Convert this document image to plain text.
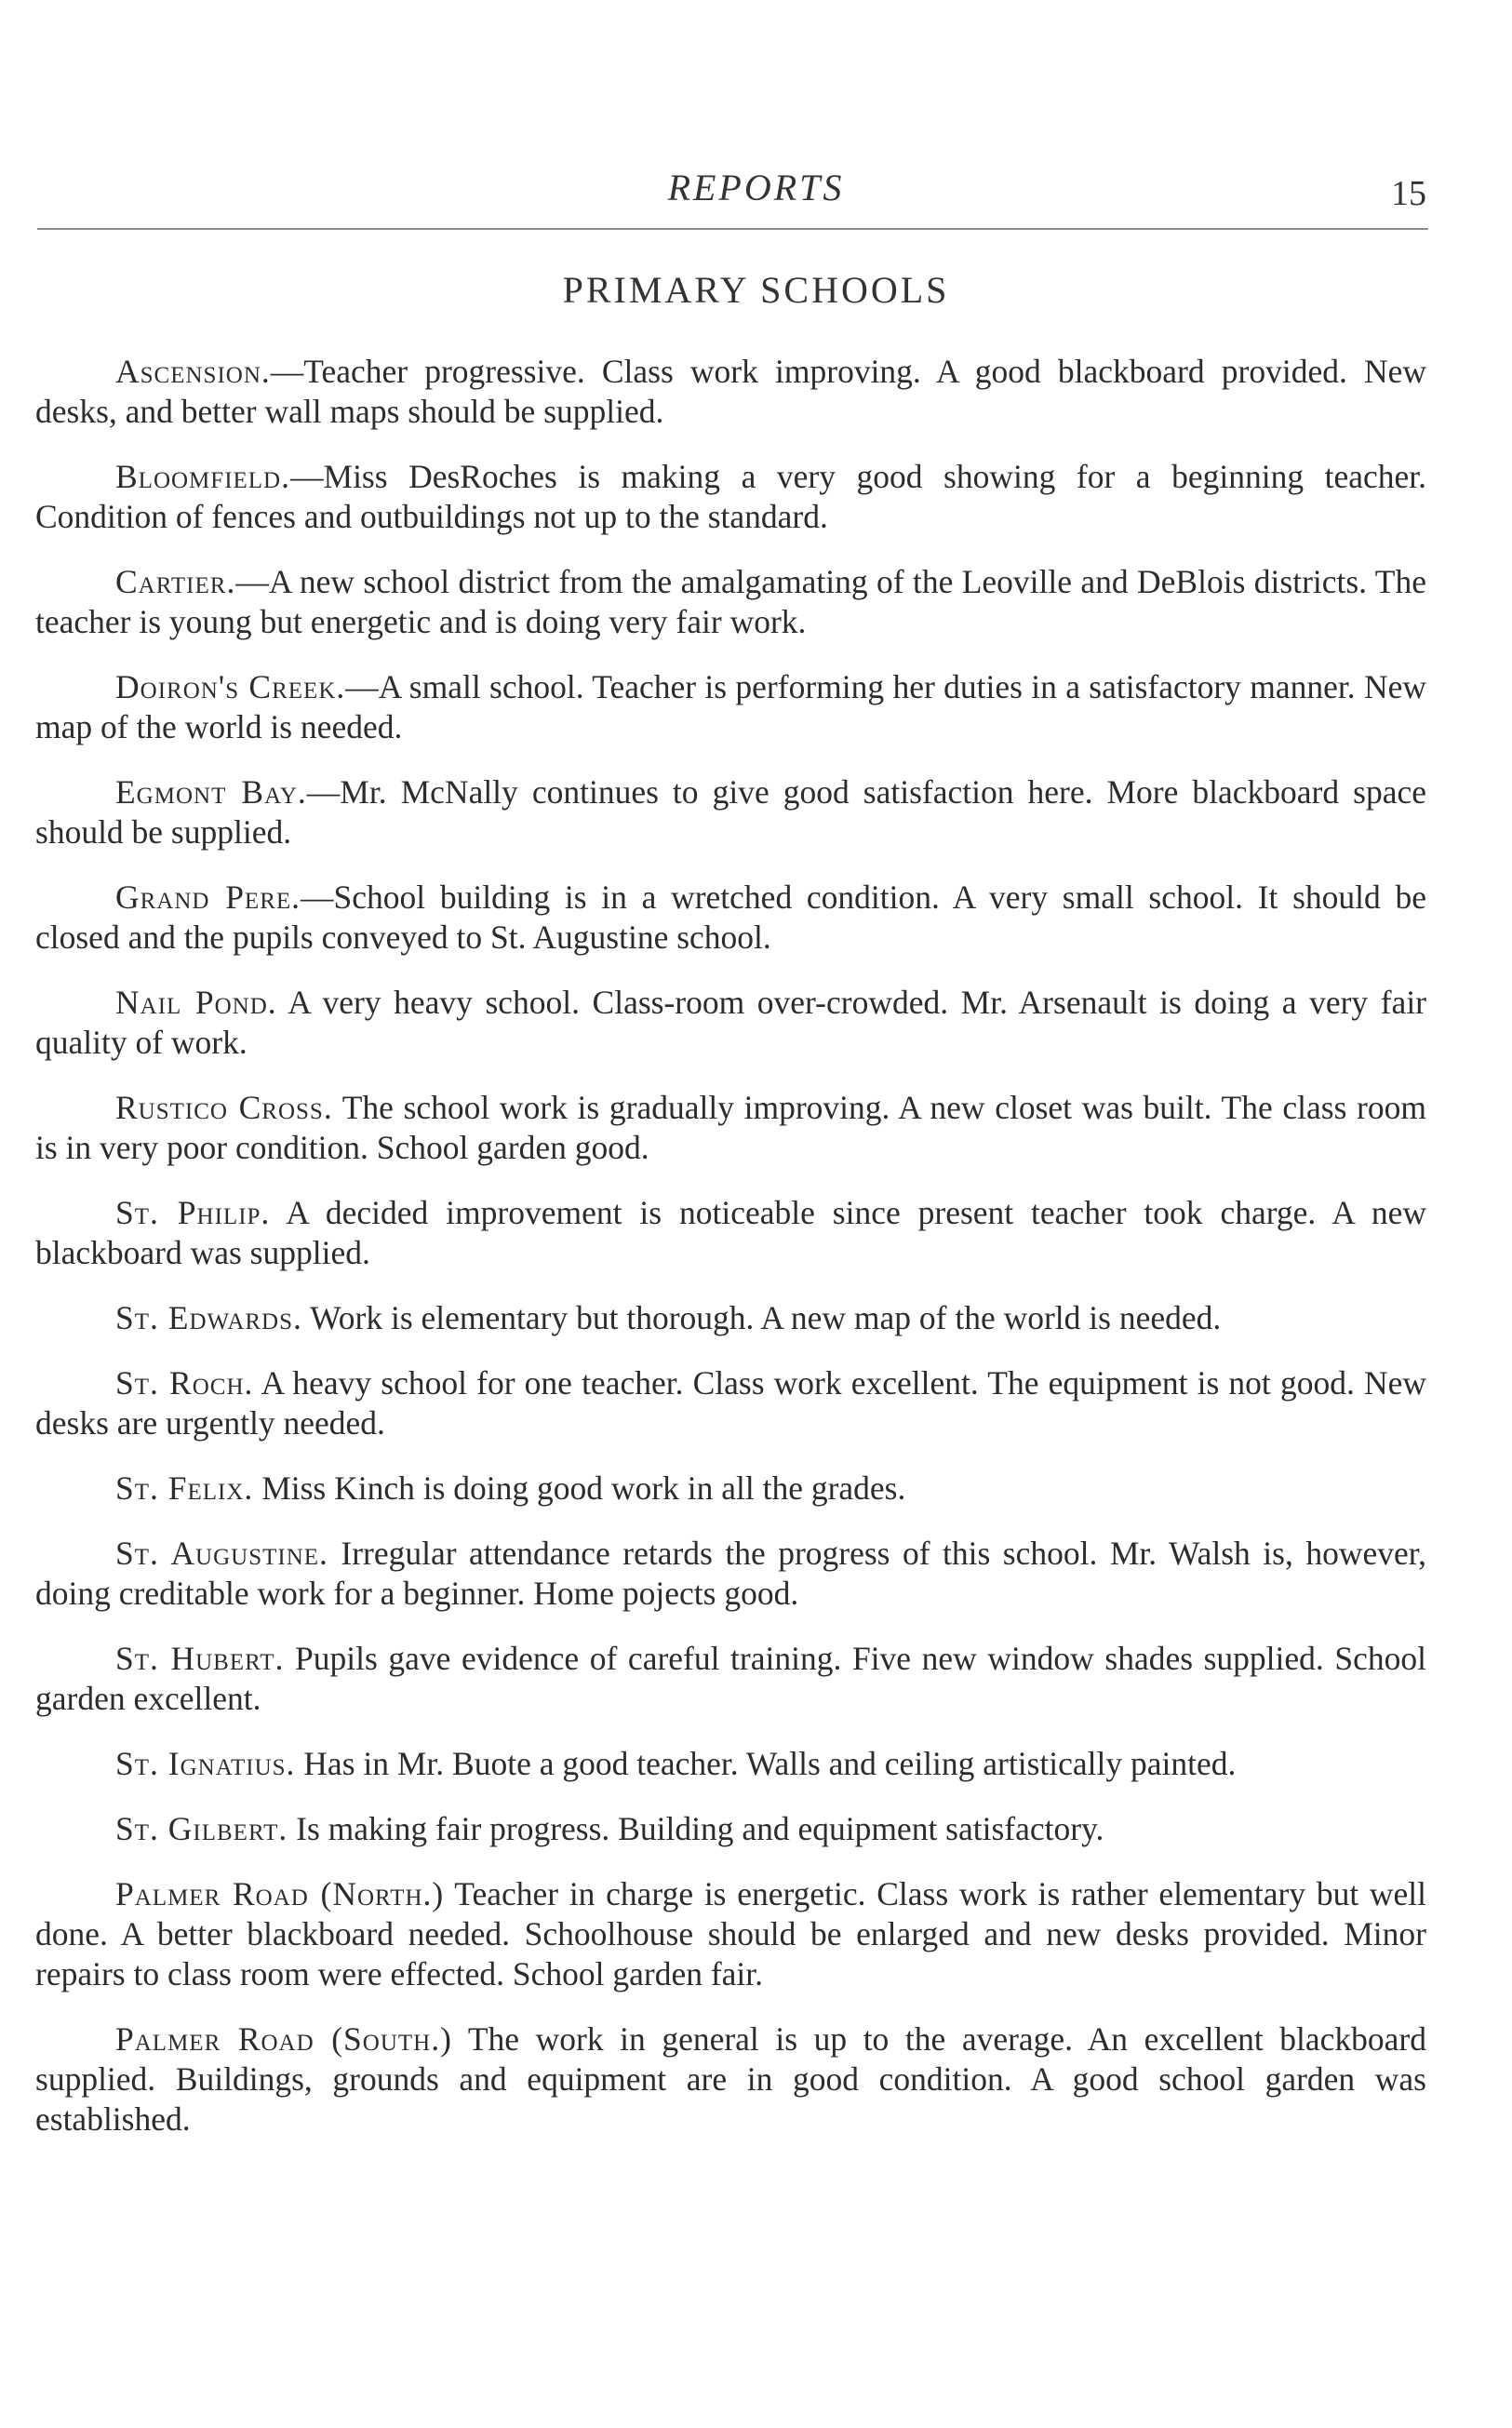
REPORTS	15
PRIMARY SCHOOLS

Ascension.—Teacher progressive. Class work improving. A good blackboard provided. New desks, and better wall maps should be supplied.

Bloomfield.—Miss DesRoches is making a very good showing for a beginning teacher. Condition of fences and outbuildings not up to the standard.

Cartier.—A new school district from the amalgamating of the Leoville and DeBlois districts. The teacher is young but energetic and is doing very fair work.

Doiron's Creek.—A small school. Teacher is performing her duties in a satisfactory manner. New map of the world is needed.

Egmont Bay.—Mr. McNally continues to give good satisfaction here. More blackboard space should be supplied.

Grand Pere.—School building is in a wretched condition. A very small school. It should be closed and the pupils conveyed to St. Augustine school.

Nail Pond. A very heavy school. Class-room over-crowded. Mr. Arsenault is doing a very fair quality of work.

Rustico Cross. The school work is gradually improving. A new closet was built. The class room is in very poor condition. School garden good.

St. Philip. A decided improvement is noticeable since present teacher took charge. A new blackboard was supplied.

St. Edwards. Work is elementary but thorough. A new map of the world is needed.

St. Roch. A heavy school for one teacher. Class work excellent. The equipment is not good. New desks are urgently needed.

St. Felix. Miss Kinch is doing good work in all the grades.

St. Augustine. Irregular attendance retards the progress of this school. Mr. Walsh is, however, doing creditable work for a beginner. Home pojects good.

St. Hubert. Pupils gave evidence of careful training. Five new window shades supplied. School garden excellent.

St. Ignatius. Has in Mr. Buote a good teacher. Walls and ceiling artistically painted.

St. Gilbert. Is making fair progress. Building and equipment satisfactory.

Palmer Road (North.) Teacher in charge is energetic. Class work is rather elementary but well done. A better blackboard needed. Schoolhouse should be enlarged and new desks provided. Minor repairs to class room were effected. School garden fair.

Palmer Road (South.) The work in general is up to the average. An excellent blackboard supplied. Buildings, grounds and equipment are in good condition. A good school garden was established.
